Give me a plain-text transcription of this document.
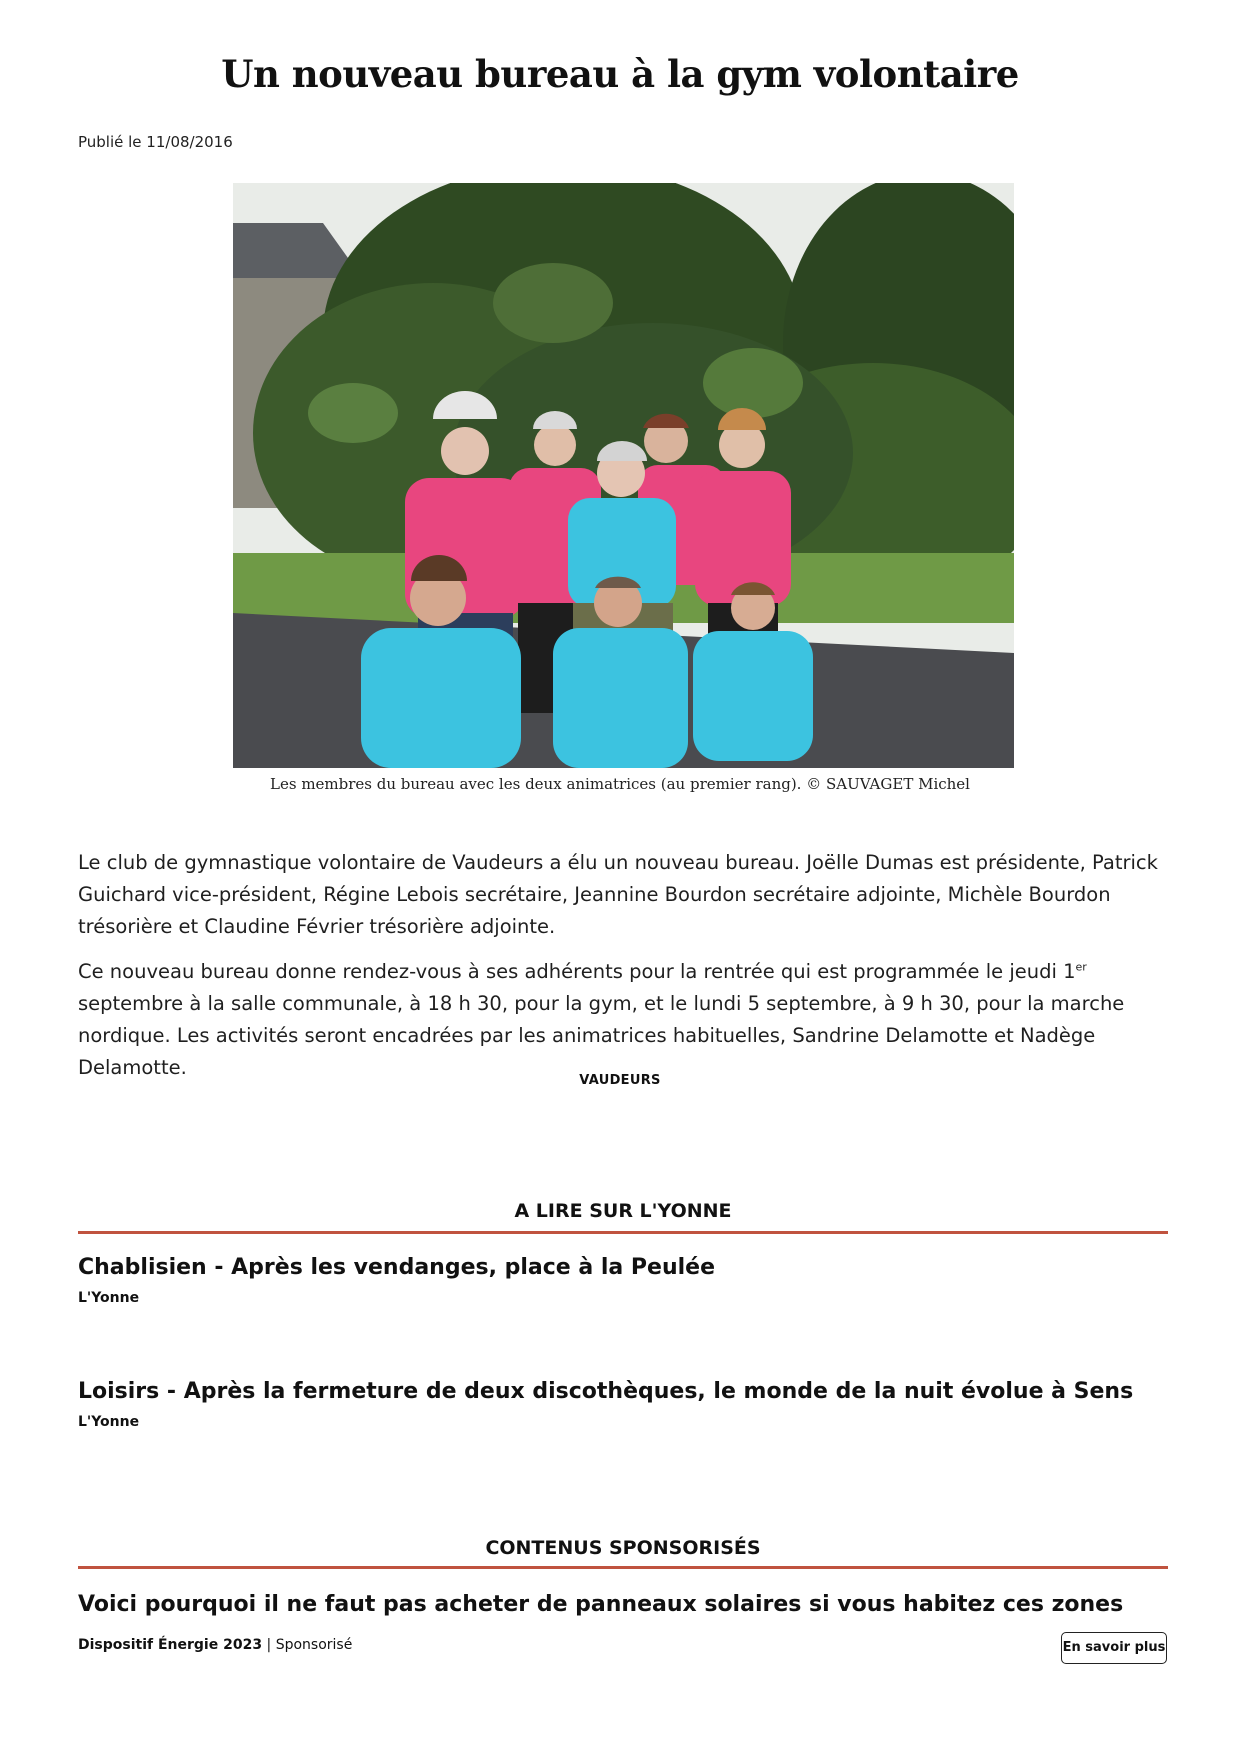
Un nouveau bureau à la gym volontaire
Publié le 11/08/2016
Les membres du bureau avec les deux animatrices (au premier rang). © SAUVAGET Michel
Le club de gymnastique volontaire de Vaudeurs a élu un nouveau bureau. Joëlle Dumas est présidente, Patrick Guichard vice-président, Régine Lebois secrétaire, Jeannine Bourdon secrétaire adjointe, Michèle Bourdon trésorière et Claudine Février trésorière adjointe.
Ce nouveau bureau donne rendez-vous à ses adhérents pour la rentrée qui est programmée le jeudi 1er septembre à la salle communale, à 18 h 30, pour la gym, et le lundi 5 septembre, à 9 h 30, pour la marche nordique. Les activités seront encadrées par les animatrices habituelles, Sandrine Delamotte et Nadège Delamotte.
VAUDEURS
A LIRE SUR L'YONNE
Chablisien - Après les vendanges, place à la Peulée
L'Yonne
Loisirs - Après la fermeture de deux discothèques, le monde de la nuit évolue à Sens
L'Yonne
CONTENUS SPONSORISÉS
Voici pourquoi il ne faut pas acheter de panneaux solaires si vous habitez ces zones
Dispositif Énergie 2023 | Sponsorisé	En savoir plus
